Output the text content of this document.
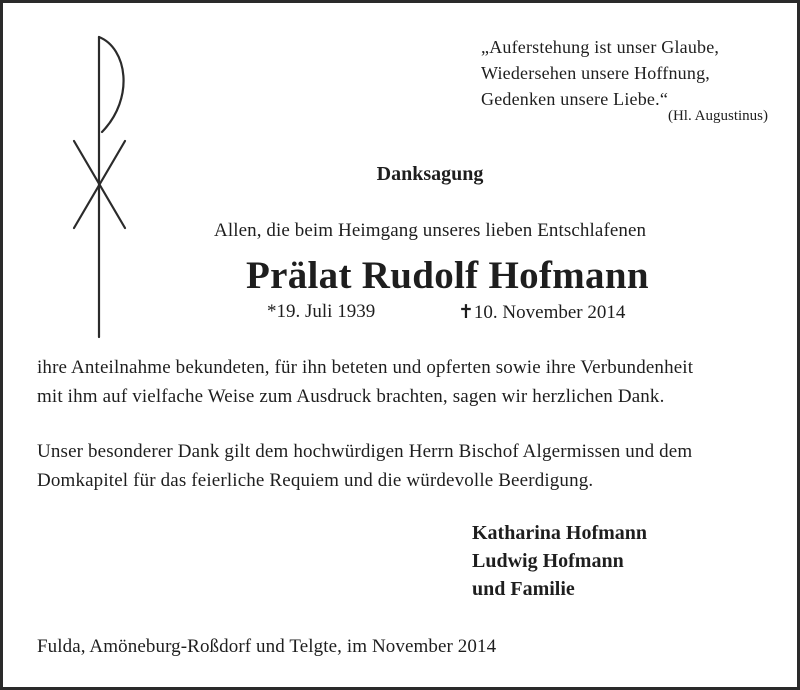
„Auferstehung ist unser Glaube,
Wiedersehen unsere Hoffnung,
Gedenken unsere Liebe.“
(Hl. Augustinus)
Danksagung
Allen, die beim Heimgang unseres lieben Entschlafenen
Prälat Rudolf Hofmann
*19. Juli 1939	✝10. November 2014
ihre Anteilnahme bekundeten, für ihn beteten und opferten sowie ihre Verbundenheit
mit ihm auf vielfache Weise zum Ausdruck brachten, sagen wir herzlichen Dank.
Unser besonderer Dank gilt dem hochwürdigen Herrn Bischof Algermissen und dem
Domkapitel für das feierliche Requiem und die würdevolle Beerdigung.
Katharina Hofmann
Ludwig Hofmann
und Familie
Fulda, Amöneburg-Roßdorf und Telgte, im November 2014
